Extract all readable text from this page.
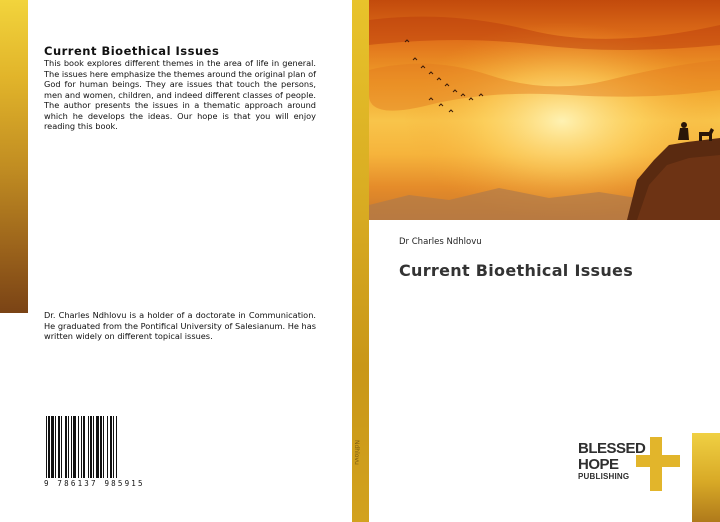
Current Bioethical Issues

This book explores different themes in the area of life in general. The issues here emphasize the themes around the original plan of God for human beings. They are issues that touch the persons, men and women, children, and indeed different classes of people. The author presents the issues in a thematic approach around which he develops the ideas. Our hope is that you will enjoy reading this book.

Dr. Charles Ndhlovu is a holder of a doctorate in Communication. He graduated from the Pontifical University of Salesianum. He has written widely on different topical issues.

9 786137 985915
Ndhlovu

Dr Charles Ndhlovu

Current Bioethical Issues
BLESSED
HOPE
PUBLISHING
